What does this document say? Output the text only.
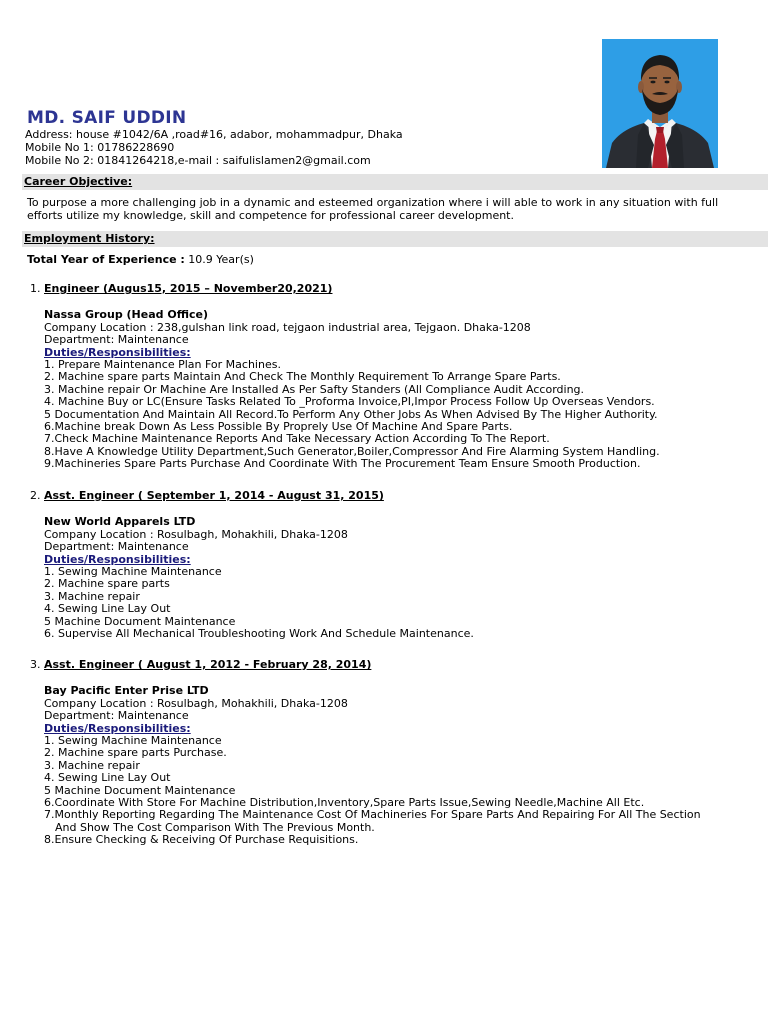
MD. SAIF UDDIN
Address: house #1042/6A ,road#16, adabor, mohammadpur, Dhaka
Mobile No 1: 01786228690
Mobile No 2: 01841264218,e-mail : saifulislamen2@gmail.com
Career Objective:
To purpose a more challenging job in a dynamic and esteemed organization where i will able to work in any situation with full efforts utilize my knowledge, skill and competence for professional career development.
Employment History:
Total Year of Experience : 10.9 Year(s)
1. Engineer (Augus15, 2015 – November20,2021)
Nassa Group (Head Office)
Company Location : 238,gulshan link road, tejgaon industrial area, Tejgaon. Dhaka-1208
Department: Maintenance
Duties/Responsibilities:
1. Prepare Maintenance Plan For Machines.
2. Machine spare parts Maintain And Check The Monthly Requirement To Arrange Spare Parts.
3. Machine repair Or Machine Are Installed As Per Safty Standers (All Compliance Audit According.
4. Machine Buy or LC(Ensure Tasks Related To _Proforma Invoice,PI,Impor Process Follow Up Overseas Vendors.
5 Documentation And Maintain All Record.To Perform Any Other Jobs As When Advised By The Higher Authority.
6.Machine break Down As Less Possible By Proprely Use Of Machine And Spare Parts.
7.Check Machine Maintenance Reports And Take Necessary Action According To The Report.
8.Have A Knowledge Utility Department,Such Generator,Boiler,Compressor And Fire Alarming System Handling.
9.Machineries Spare Parts Purchase And Coordinate With The Procurement Team Ensure Smooth Production.
2. Asst. Engineer ( September 1, 2014 - August 31, 2015)
New World Apparels LTD
Company Location : Rosulbagh, Mohakhili, Dhaka-1208
Department: Maintenance
Duties/Responsibilities:
1. Sewing Machine Maintenance
2. Machine spare parts
3. Machine repair
4. Sewing Line Lay Out
5 Machine Document Maintenance
6. Supervise All Mechanical Troubleshooting Work And Schedule Maintenance.
3. Asst. Engineer ( August 1, 2012 - February 28, 2014)
Bay Pacific Enter Prise LTD
Company Location : Rosulbagh, Mohakhili, Dhaka-1208
Department: Maintenance
Duties/Responsibilities:
1. Sewing Machine Maintenance
2. Machine spare parts Purchase.
3. Machine repair
4. Sewing Line Lay Out
5 Machine Document Maintenance
6.Coordinate With Store For Machine Distribution,Inventory,Spare Parts Issue,Sewing Needle,Machine All Etc.
7.Monthly Reporting Regarding The Maintenance Cost Of Machineries For Spare Parts And Repairing For All The Section And Show The Cost Comparison With The Previous Month.
8.Ensure Checking & Receiving Of Purchase Requisitions.
